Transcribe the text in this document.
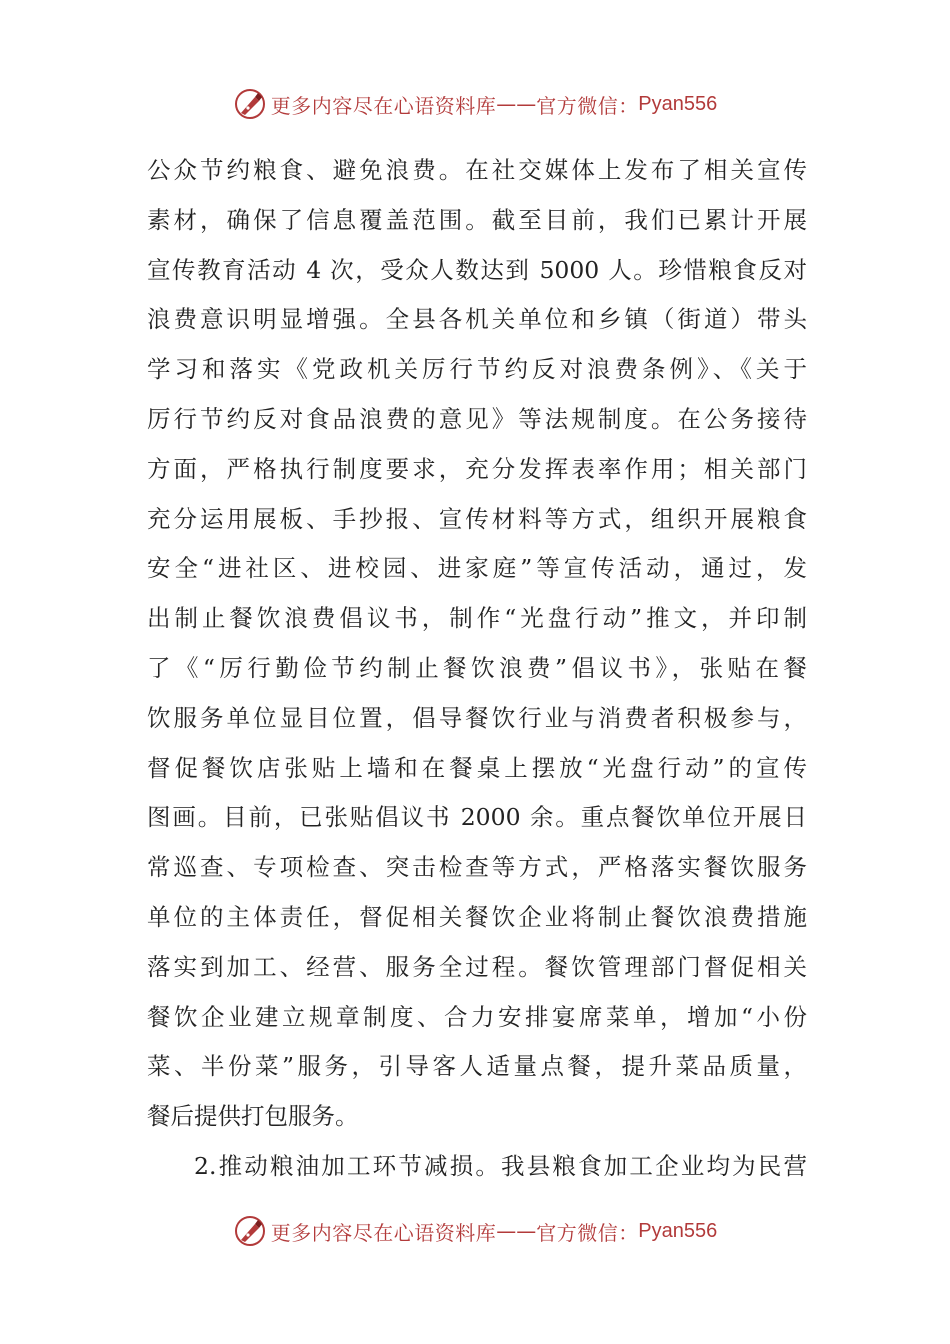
更多内容尽在心语资料库 —— 官方微信 ： Pyan556
公众节约粮食、避免浪费。在社交媒体上发布了相关宣传
素材，确保了信息覆盖范围。截至目前，我们已累计开展
宣传教育活动 4 次，受众人数达到 5000 人。珍惜粮食反对
浪费意识明显增强。全县各机关单位和乡镇（街道）带头
学习和落实《党政机关厉行节约反对浪费条例》、《关于
厉行节约反对食品浪费的意见》等法规制度。在公务接待
方面，严格执行制度要求，充分发挥表率作用；相关部门
充分运用展板、手抄报、宣传材料等方式，组织开展粮食
安全“进社区、进校园、进家庭”等宣传活动，通过，发
出制止餐饮浪费倡议书，制作“光盘行动”推文，并印制
了《“厉行勤俭节约制止餐饮浪费”倡议书》，张贴在餐
饮服务单位显目位置，倡导餐饮行业与消费者积极参与，
督促餐饮店张贴上墙和在餐桌上摆放“光盘行动”的宣传
图画。目前，已张贴倡议书 2000 余。重点餐饮单位开展日
常巡查、专项检查、突击检查等方式，严格落实餐饮服务
单位的主体责任，督促相关餐饮企业将制止餐饮浪费措施
落实到加工、经营、服务全过程。餐饮管理部门督促相关
餐饮企业建立规章制度、合力安排宴席菜单，增加“小份
菜、半份菜”服务，引导客人适量点餐，提升菜品质量，
餐后提供打包服务。
2.推动粮油加工环节减损。我县粮食加工企业均为民营
更多内容尽在心语资料库 —— 官方微信 ： Pyan556
